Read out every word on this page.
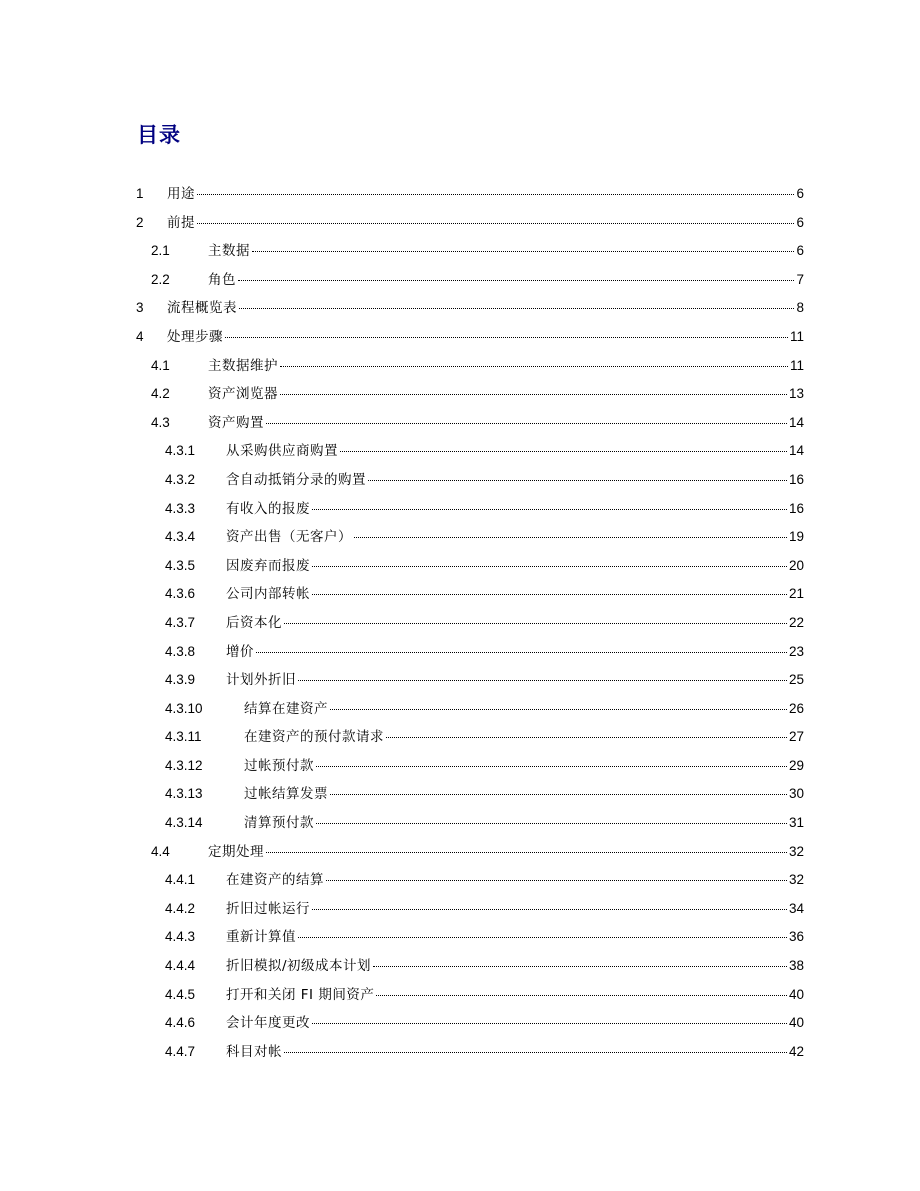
目录
1 用途	6
2 前提	6
2.1	主数据	6
2.2	角色	7
3 流程概览表	8
4 处理步骤	11
4.1	主数据维护	11
4.2	资产浏览器	13
4.3	资产购置	14
4.3.1 从采购供应商购置	14
4.3.2 含自动抵销分录的购置	16
4.3.3 有收入的报废	16
4.3.4 资产出售（无客户）	19
4.3.5 因废弃而报废	20
4.3.6 公司内部转帐	21
4.3.7 后资本化	22
4.3.8 增价	23
4.3.9 计划外折旧	25
4.3.10	结算在建资产	26
4.3.11	在建资产的预付款请求	27
4.3.12	过帐预付款	29
4.3.13	过帐结算发票	30
4.3.14	清算预付款	31
4.4	定期处理	32
4.4.1 在建资产的结算	32
4.4.2 折旧过帐运行	34
4.4.3 重新计算值	36
4.4.4 折旧模拟/初级成本计划	38
4.4.5 打开和关闭 FI 期间资产	40
4.4.6 会计年度更改	40
4.4.7 科目对帐	42
